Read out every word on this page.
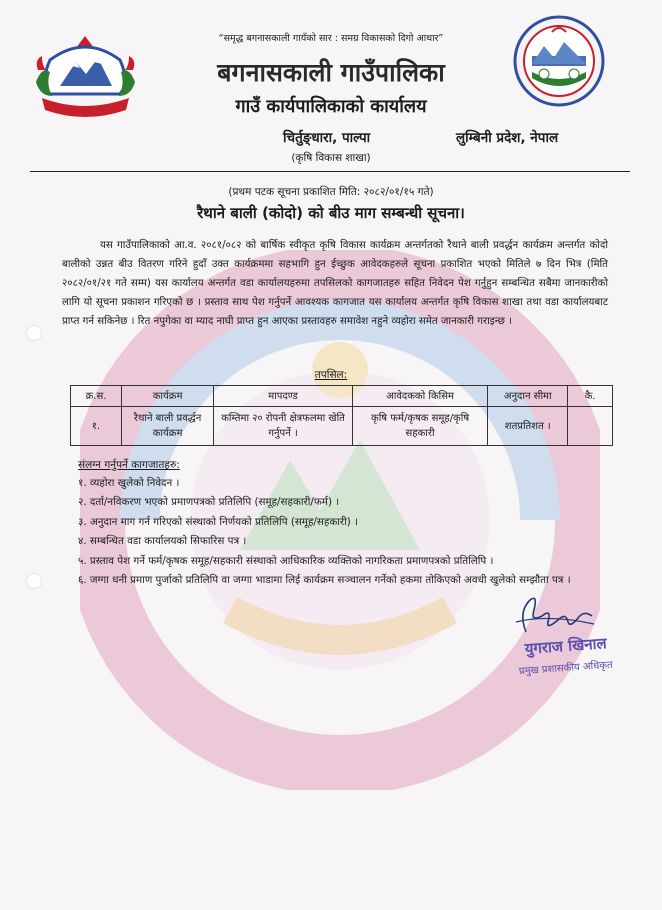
“समृद्ध बगनासकाली गायँको सार : समग्र विकासको दिगो आधार”
बगनासकाली गाउँपालिका
गाउँ कार्यपालिकाको कार्यालय
चिर्तुङ्धारा, पाल्पा	लुम्बिनी प्रदेश, नेपाल
(कृषि विकास शाखा)
(प्रथम पटक सूचना प्रकाशित मिति: २०८२/०१/१५ गते)
रैथाने बाली (कोदो) को बीउ माग सम्बन्धी सूचना।

यस गाउँपालिकाको आ.व. २०८१/०८२ को बार्षिक स्वीकृत कृषि विकास कार्यक्रम अन्तर्गतको रैथाने बाली प्रवर्द्धन कार्यक्रम अन्तर्गत कोदो बालीको उन्नत बीउ वितरण गरिने हुदाँ उक्त कार्यक्रममा सहभागि हुन ईच्छुक आवेदकहरुले सूचना प्रकाशित भएको मितिले ७ दिन भित्र (मिति २०८२/०१/२१ गते सम्म) यस कार्यालय अन्तर्गत वडा कार्यालयहरुमा तपसिलको कागजातहरु सहित निवेदन पेश गर्नुहुन सम्बन्धित सबैमा जानकारीको लागि यो सूचना प्रकाशन गरिएको छ । प्रस्ताव साथ पेश गर्नुपर्ने आवश्यक कागजात यस कार्यालय अन्तर्गत कृषि विकास शाखा तथा वडा कार्यालयबाट प्राप्त गर्न सकिनेछ । रित नपुगेका वा म्याद नाघी प्राप्त हुन आएका प्रस्तावहरु समावेश नहुने व्यहोरा समेत जानकारी गराइन्छ ।

तपसिल:
क्र.स.	कार्यक्रम	मापदण्ड	आवेदकको किसिम	अनुदान सीमा	कै.
१.	रैथाने बाली प्रवर्द्धन कार्यक्रम	कम्तिमा २० रोपनी क्षेत्रफलमा खेति गर्नुपर्ने ।	कृषि फर्म/कृषक समूह/कृषि सहकारी	शतप्रतिशत ।	
संलग्न गर्नुपर्ने कागजातहरु:
१. व्यहोरा खुलेको निवेदन ।
२. दर्ता/नविकरण भएको प्रमाणपत्रको प्रतिलिपि (समूह/सहकारी/फर्म) ।
३. अनुदान माग गर्न गरिएको संस्थाको निर्णयको प्रतिलिपि (समूह/सहकारी) ।
४. सम्बन्धित वडा कार्यालयको सिफारिस पत्र ।
५. प्रस्ताव पेश गर्ने फर्म/कृषक समूह/सहकारी संस्थाको आधिकारिक व्यक्तिको नागरिकता प्रमाणपत्रको प्रतिलिपि ।
६. जग्गा धनी प्रमाण पुर्जाको प्रतिलिपि वा जग्गा भाडामा लिई कार्यक्रम सञ्चालन गर्नेको हकमा तोकिएको अवधी खुलेको सम्झौता पत्र ।
युगराज खिनाल
प्रमुख प्रशासकीय अधिकृत
